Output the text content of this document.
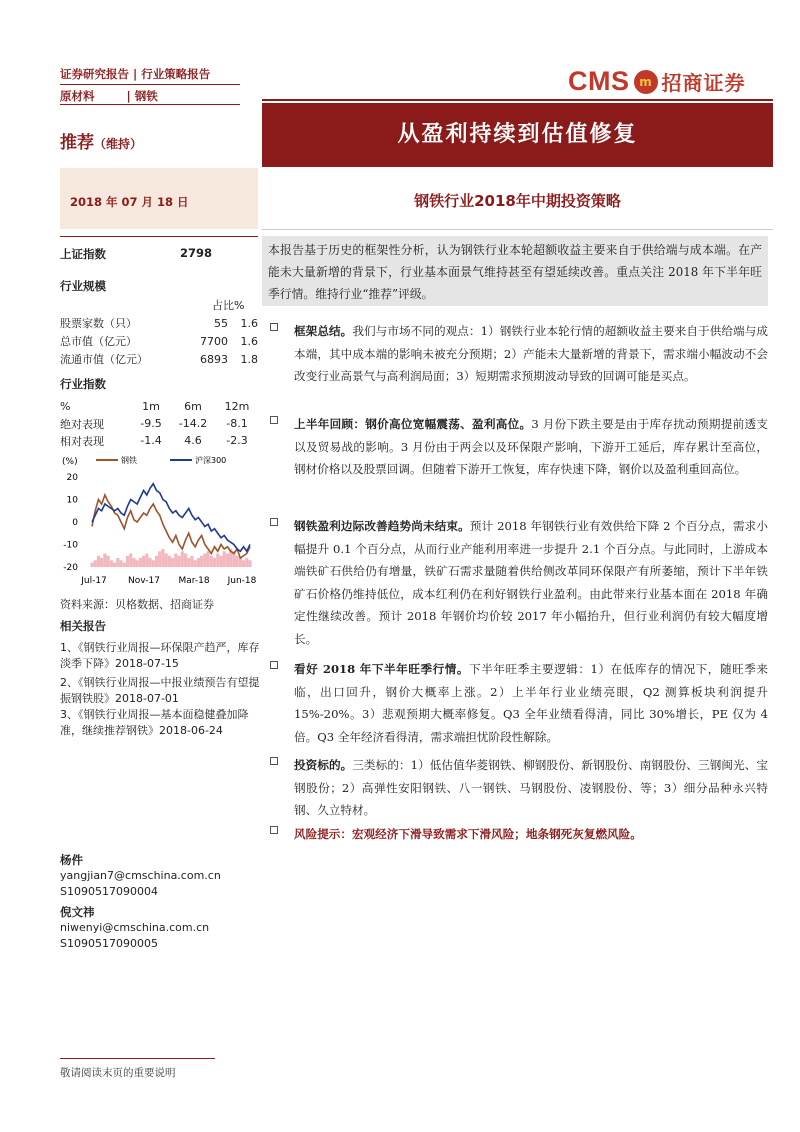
证券研究报告 | 行业策略报告
原材料        | 钢铁	CMS m 招商证券
从盈利持续到估值修复
推荐（维持）
2018 年 07 月 18 日	钢铁行业2018年中期投资策略
上证指数	2798
行业规模
占比%
股票家数（只）	55	1.6
总市值（亿元）	7700	1.6
流通市值（亿元）	6893	1.8
行业指数
%	1m	6m	12m
绝对表现	-9.5	-14.2	-8.1
相对表现	-1.4	4.6	-2.3
(%)	钢铁	沪深300
20
10
0
-10
-20
Jul-17 Nov-17 Mar-18 Jun-18
资料来源：贝格数据、招商证券
相关报告
1、《钢铁行业周报—环保限产趋严，库存淡季下降》2018-07-15
2、《钢铁行业周报—中报业绩预告有望提振钢铁股》2018-07-01
3、《钢铁行业周报—基本面稳健叠加降准，继续推荐钢铁》2018-06-24
杨件
yangjian7@cmschina.com.cn
S1090517090004
倪文祎
niwenyi@cmschina.com.cn
S1090517090005
本报告基于历史的框架性分析，认为钢铁行业本轮超额收益主要来自于供给端与成本端。在产能未大量新增的背景下，行业基本面景气维持甚至有望延续改善。重点关注 2018 年下半年旺季行情。维持行业“推荐”评级。
框架总结。我们与市场不同的观点：1）钢铁行业本轮行情的超额收益主要来自于供给端与成本端，其中成本端的影响未被充分预期；2）产能未大量新增的背景下，需求端小幅波动不会改变行业高景气与高利润局面；3）短期需求预期波动导致的回调可能是买点。
上半年回顾：钢价高位宽幅震荡、盈利高位。3 月份下跌主要是由于库存扰动预期提前透支以及贸易战的影响。3 月份由于两会以及环保限产影响，下游开工延后，库存累计至高位，钢材价格以及股票回调。但随着下游开工恢复，库存快速下降，钢价以及盈利重回高位。
钢铁盈利边际改善趋势尚未结束。预计 2018 年钢铁行业有效供给下降 2 个百分点，需求小幅提升 0.1 个百分点，从而行业产能利用率进一步提升 2.1 个百分点。与此同时，上游成本端铁矿石供给仍有增量，铁矿石需求量随着供给侧改革同环保限产有所萎缩，预计下半年铁矿石价格仍维持低位，成本红利仍在利好钢铁行业盈利。由此带来行业基本面在 2018 年确定性继续改善。预计 2018 年钢价均价较 2017 年小幅抬升，但行业利润仍有较大幅度增长。
看好 2018 年下半年旺季行情。下半年旺季主要逻辑：1）在低库存的情况下，随旺季来临，出口回升，钢价大概率上涨。2）上半年行业业绩亮眼，Q2 测算板块利润提升 15%-20%。3）悲观预期大概率修复。Q3 全年业绩看得清，同比 30%增长，PE 仅为 4 倍。Q3 全年经济看得清，需求端担忧阶段性解除。
投资标的。三类标的：1）低估值华菱钢铁、柳钢股份、新钢股份、南钢股份、三钢闽光、宝钢股份；2）高弹性安阳钢铁、八一钢铁、马钢股份、凌钢股份、等；3）细分品种永兴特钢、久立特材。
风险提示：宏观经济下滑导致需求下滑风险；地条钢死灰复燃风险。
敬请阅读末页的重要说明
